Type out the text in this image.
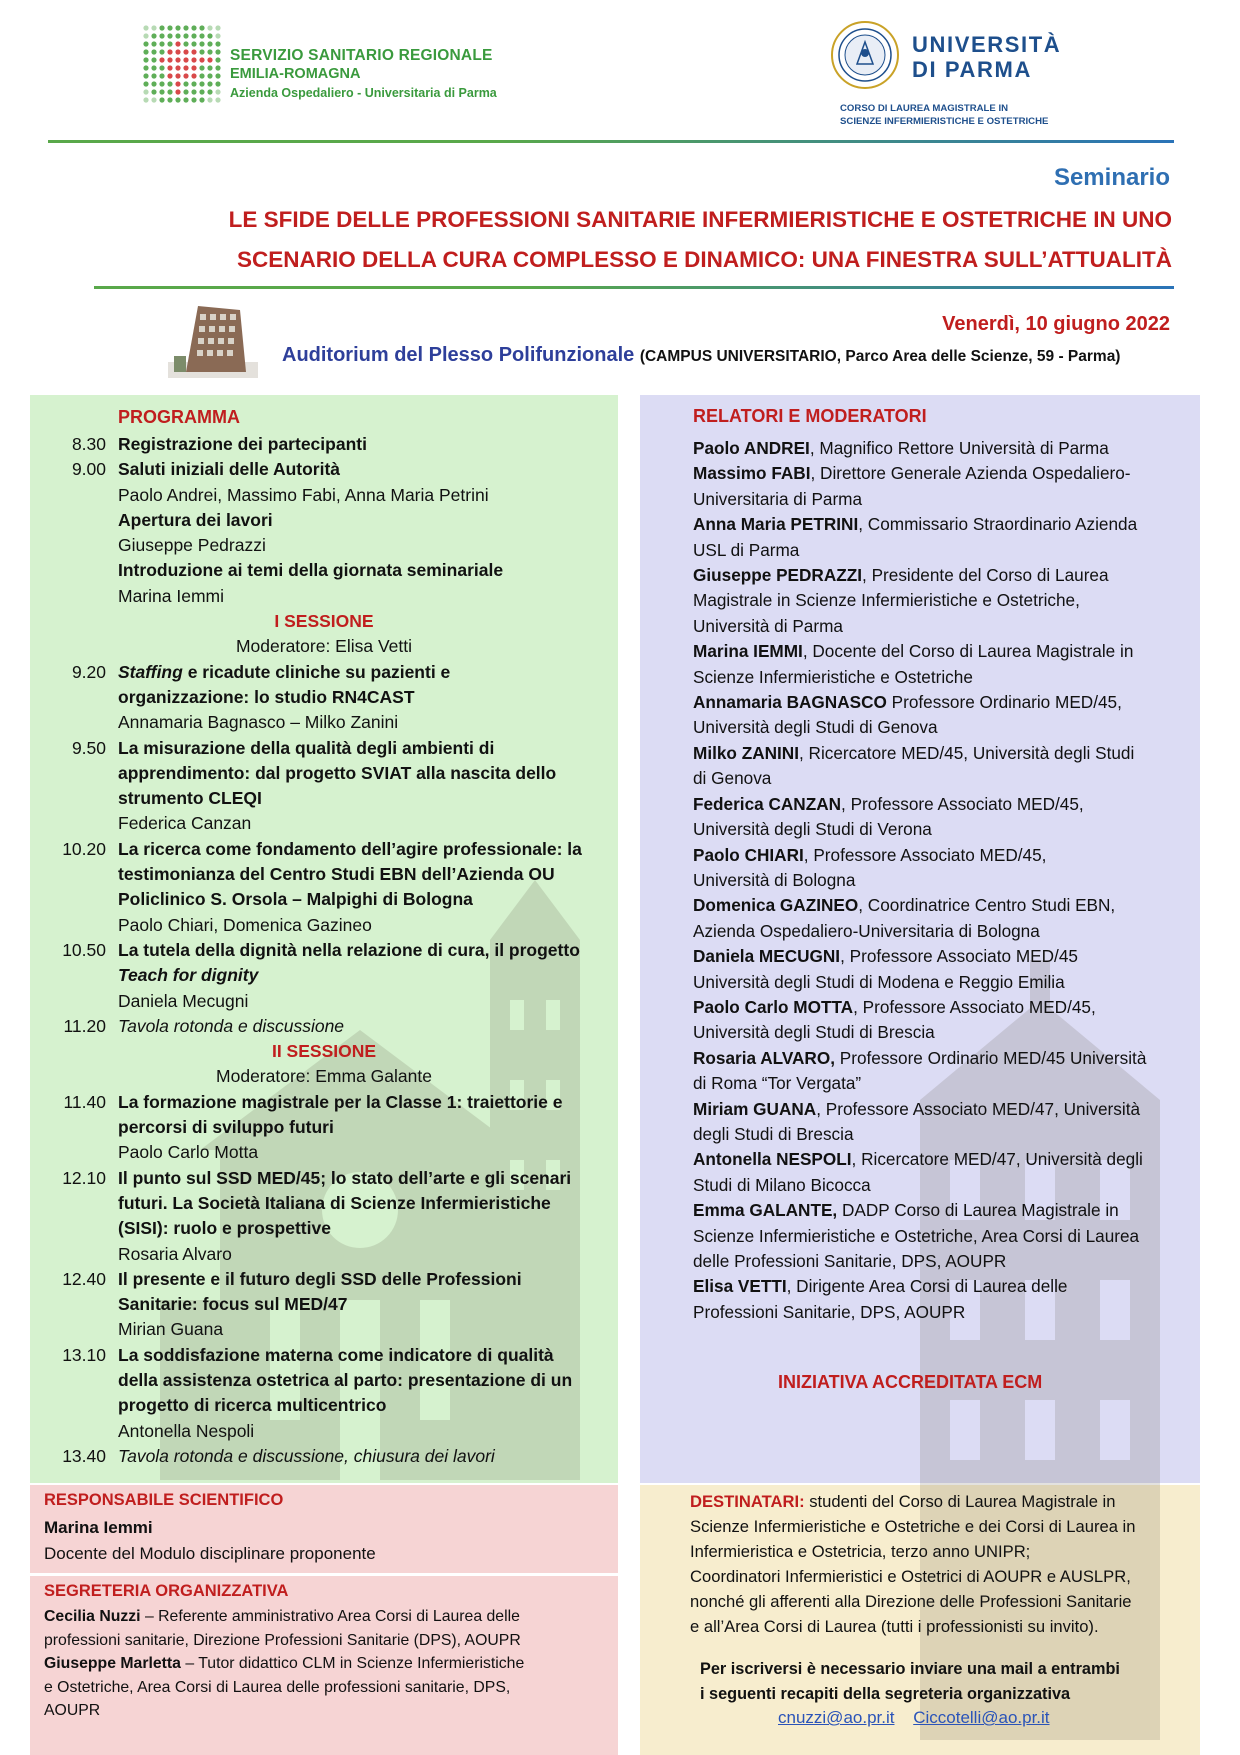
SERVIZIO SANITARIO REGIONALE
EMILIA-ROMAGNA
Azienda Ospedaliero - Universitaria di Parma
UNIVERSITÀ
DI PARMA
CORSO DI LAUREA MAGISTRALE IN
SCIENZE INFERMIERISTICHE E OSTETRICHE
Seminario
LE SFIDE DELLE PROFESSIONI SANITARIE INFERMIERISTICHE E OSTETRICHE IN UNO
SCENARIO DELLA CURA COMPLESSO E DINAMICO: UNA FINESTRA SULL’ATTUALITÀ
Venerdì, 10 giugno 2022
Auditorium del Plesso Polifunzionale (CAMPUS UNIVERSITARIO, Parco Area delle Scienze, 59 - Parma)
PROGRAMMA
8.30 Registrazione dei partecipanti
9.00 Saluti iniziali delle Autorità
Paolo Andrei, Massimo Fabi, Anna Maria Petrini
Apertura dei lavori
Giuseppe Pedrazzi
Introduzione ai temi della giornata seminariale
Marina Iemmi
I SESSIONE
Moderatore: Elisa Vetti
9.20 Staffing e ricadute cliniche su pazienti e
organizzazione: lo studio RN4CAST
Annamaria Bagnasco – Milko Zanini
9.50 La misurazione della qualità degli ambienti di
apprendimento: dal progetto SVIAT alla nascita dello
strumento CLEQI
Federica Canzan
10.20 La ricerca come fondamento dell’agire professionale: la
testimonianza del Centro Studi EBN dell’Azienda OU
Policlinico S. Orsola – Malpighi di Bologna
Paolo Chiari, Domenica Gazineo
10.50 La tutela della dignità nella relazione di cura, il progetto
Teach for dignity
Daniela Mecugni
11.20 Tavola rotonda e discussione
II SESSIONE
Moderatore: Emma Galante
11.40 La formazione magistrale per la Classe 1: traiettorie e
percorsi di sviluppo futuri
Paolo Carlo Motta
12.10 Il punto sul SSD MED/45; lo stato dell’arte e gli scenari
futuri. La Società Italiana di Scienze Infermieristiche
(SISI): ruolo e prospettive
Rosaria Alvaro
12.40 Il presente e il futuro degli SSD delle Professioni
Sanitarie: focus sul MED/47
Mirian Guana
13.10 La soddisfazione materna come indicatore di qualità
della assistenza ostetrica al parto: presentazione di un
progetto di ricerca multicentrico
Antonella Nespoli
13.40 Tavola rotonda e discussione, chiusura dei lavori
RELATORI E MODERATORI
Paolo ANDREI, Magnifico Rettore Università di Parma
Massimo FABI, Direttore Generale Azienda Ospedaliero-
Universitaria di Parma
Anna Maria PETRINI, Commissario Straordinario Azienda
USL di Parma
Giuseppe PEDRAZZI, Presidente del Corso di Laurea
Magistrale in Scienze Infermieristiche e Ostetriche,
Università di Parma
Marina IEMMI, Docente del Corso di Laurea Magistrale in
Scienze Infermieristiche e Ostetriche
Annamaria BAGNASCO Professore Ordinario MED/45,
Università degli Studi di Genova
Milko ZANINI, Ricercatore MED/45, Università degli Studi
di Genova
Federica CANZAN, Professore Associato MED/45,
Università degli Studi di Verona
Paolo CHIARI, Professore Associato MED/45,
Università di Bologna
Domenica GAZINEO, Coordinatrice Centro Studi EBN,
Azienda Ospedaliero-Universitaria di Bologna
Daniela MECUGNI, Professore Associato MED/45
Università degli Studi di Modena e Reggio Emilia
Paolo Carlo MOTTA, Professore Associato MED/45,
Università degli Studi di Brescia
Rosaria ALVARO, Professore Ordinario MED/45 Università
di Roma “Tor Vergata”
Miriam GUANA, Professore Associato MED/47, Università
degli Studi di Brescia
Antonella NESPOLI, Ricercatore MED/47, Università degli
Studi di Milano Bicocca
Emma GALANTE, DADP Corso di Laurea Magistrale in
Scienze Infermieristiche e Ostetriche, Area Corsi di Laurea
delle Professioni Sanitarie, DPS, AOUPR
Elisa VETTI, Dirigente Area Corsi di Laurea delle
Professioni Sanitarie, DPS, AOUPR
INIZIATIVA ACCREDITATA ECM
RESPONSABILE SCIENTIFICO
Marina Iemmi
Docente del Modulo disciplinare proponente
SEGRETERIA ORGANIZZATIVA
Cecilia Nuzzi – Referente amministrativo Area Corsi di Laurea delle
professioni sanitarie, Direzione Professioni Sanitarie (DPS), AOUPR
Giuseppe Marletta – Tutor didattico CLM in Scienze Infermieristiche
e Ostetriche, Area Corsi di Laurea delle professioni sanitarie, DPS,
AOUPR
DESTINATARI: studenti del Corso di Laurea Magistrale in
Scienze Infermieristiche e Ostetriche e dei Corsi di Laurea in
Infermieristica e Ostetricia, terzo anno UNIPR;
Coordinatori Infermieristici e Ostetrici di AOUPR e AUSLPR,
nonché gli afferenti alla Direzione delle Professioni Sanitarie
e all’Area Corsi di Laurea (tutti i professionisti su invito).
Per iscriversi è necessario inviare una mail a entrambi
i seguenti recapiti della segreteria organizzativa
cnuzzi@ao.pr.it Ciccotelli@ao.pr.it
